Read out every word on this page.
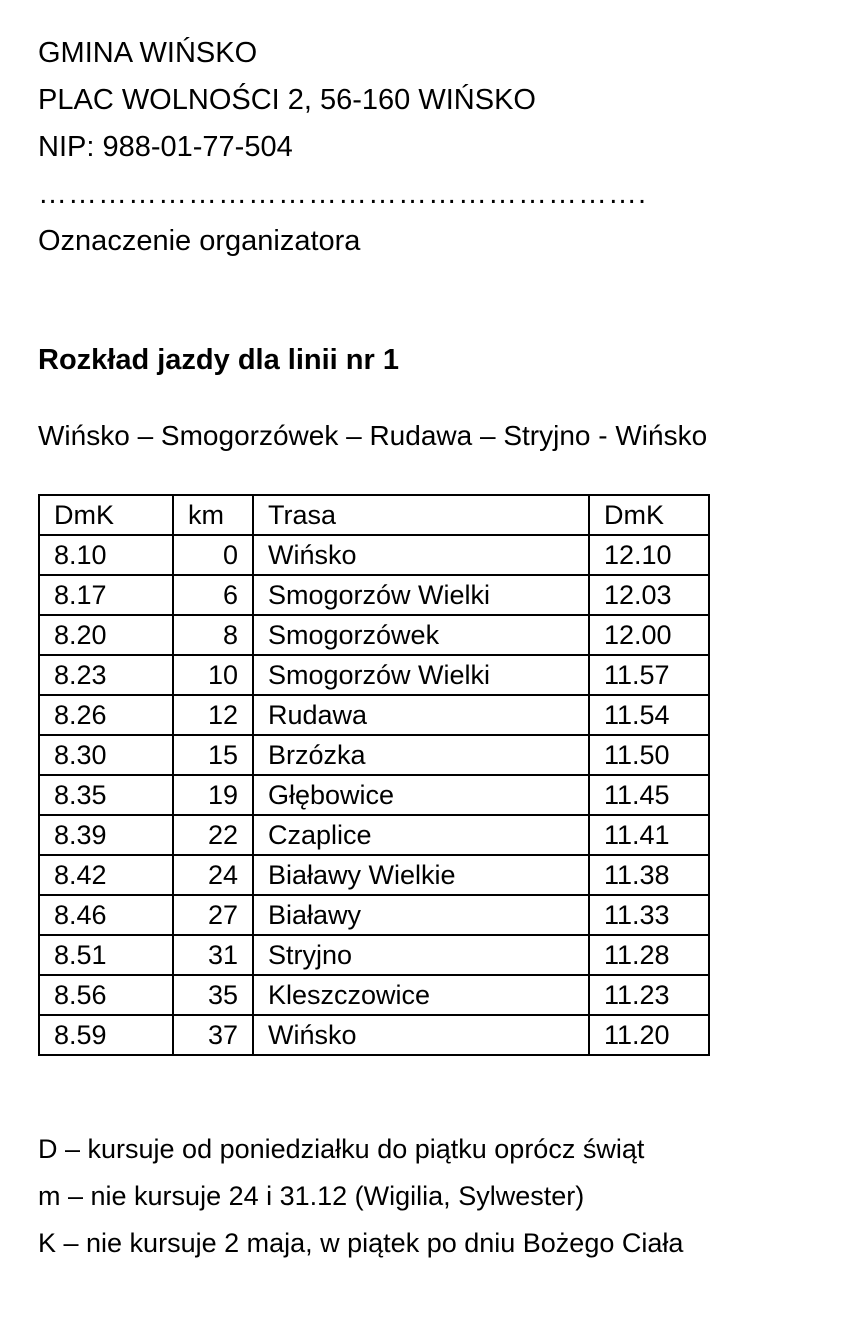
GMINA WIŃSKO
PLAC WOLNOŚCI 2, 56-160 WIŃSKO
NIP: 988-01-77-504
…………………………………………………….
Oznaczenie organizatora
Rozkład jazdy dla linii nr 1
Wińsko – Smogorzówek – Rudawa – Stryjno - Wińsko
DmK	km	Trasa	DmK
8.10	0	Wińsko	12.10
8.17	6	Smogorzów Wielki	12.03
8.20	8	Smogorzówek	12.00
8.23	10	Smogorzów Wielki	11.57
8.26	12	Rudawa	11.54
8.30	15	Brzózka	11.50
8.35	19	Głębowice	11.45
8.39	22	Czaplice	11.41
8.42	24	Białawy Wielkie	11.38
8.46	27	Białawy	11.33
8.51	31	Stryjno	11.28
8.56	35	Kleszczowice	11.23
8.59	37	Wińsko	11.20
D – kursuje od poniedziałku do piątku oprócz świąt
m – nie kursuje 24 i 31.12 (Wigilia, Sylwester)
K – nie kursuje 2 maja, w piątek po dniu Bożego Ciała
